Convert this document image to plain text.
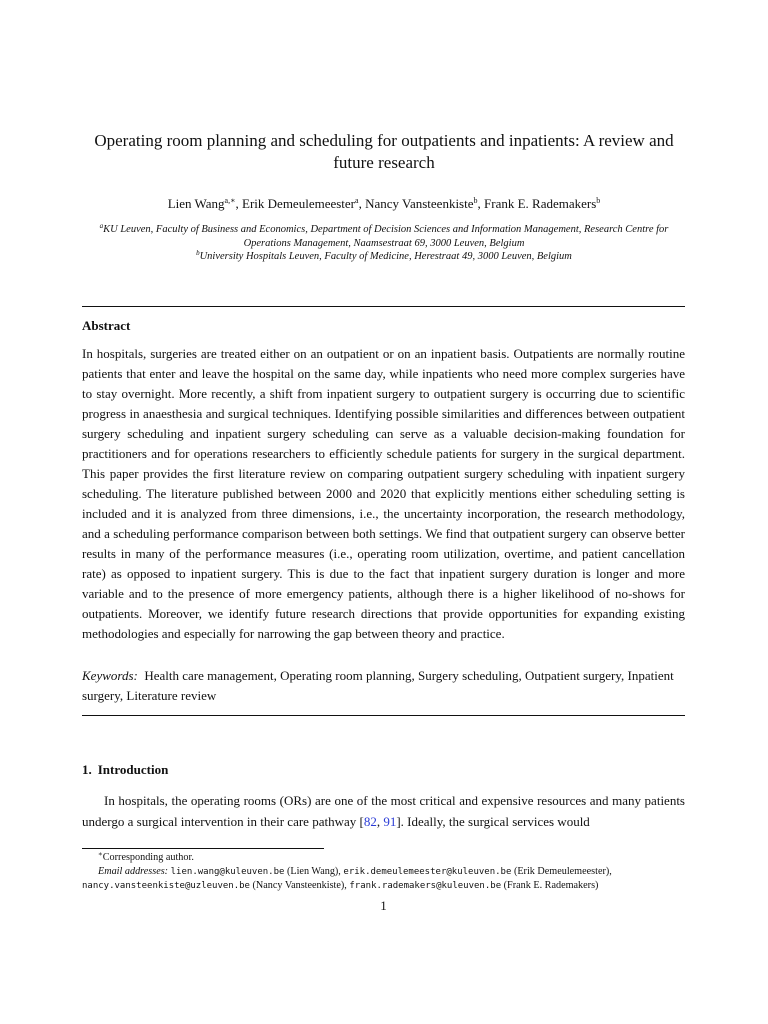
Operating room planning and scheduling for outpatients and inpatients: A review and future research
Lien Wang$^{a,∗}$, Erik Demeulemeester$^a$, Nancy Vansteenkiste$^b$, Frank E. Rademakers$^b$
$^a$KU Leuven, Faculty of Business and Economics, Department of Decision Sciences and Information Management, Research Centre for Operations Management, Naamsestraat 69, 3000 Leuven, Belgium
$^b$University Hospitals Leuven, Faculty of Medicine, Herestraat 49, 3000 Leuven, Belgium
Abstract
In hospitals, surgeries are treated either on an outpatient or on an inpatient basis. Outpatients are normally routine patients that enter and leave the hospital on the same day, while inpatients who need more complex surgeries have to stay overnight. More recently, a shift from inpatient surgery to outpatient surgery is occurring due to scientific progress in anaesthesia and surgical techniques. Identifying possible similarities and differences between outpatient surgery scheduling and inpatient surgery scheduling can serve as a valuable decision-making foundation for practitioners and for operations researchers to efficiently schedule patients for surgery in the surgical department. This paper provides the first literature review on comparing outpatient surgery scheduling with inpatient surgery scheduling. The literature published between 2000 and 2020 that explicitly mentions either scheduling setting is included and it is analyzed from three dimensions, i.e., the uncertainty incorporation, the research methodology, and a scheduling performance comparison between both settings. We find that outpatient surgery can observe better results in many of the performance measures (i.e., operating room utilization, overtime, and patient cancellation rate) as opposed to inpatient surgery. This is due to the fact that inpatient surgery duration is longer and more variable and to the presence of more emergency patients, although there is a higher likelihood of no-shows for outpatients. Moreover, we identify future research directions that provide opportunities for expanding existing methodologies and especially for narrowing the gap between theory and practice.
Keywords: Health care management, Operating room planning, Surgery scheduling, Outpatient surgery, Inpatient surgery, Literature review
1. Introduction
In hospitals, the operating rooms (ORs) are one of the most critical and expensive resources and many patients undergo a surgical intervention in their care pathway [82, 91]. Ideally, the surgical services would
∗Corresponding author.
Email addresses: lien.wang@kuleuven.be (Lien Wang), erik.demeulemeester@kuleuven.be (Erik Demeulemeester),
nancy.vansteenkiste@uzleuven.be (Nancy Vansteenkiste), frank.rademakers@kuleuven.be (Frank E. Rademakers)
1
